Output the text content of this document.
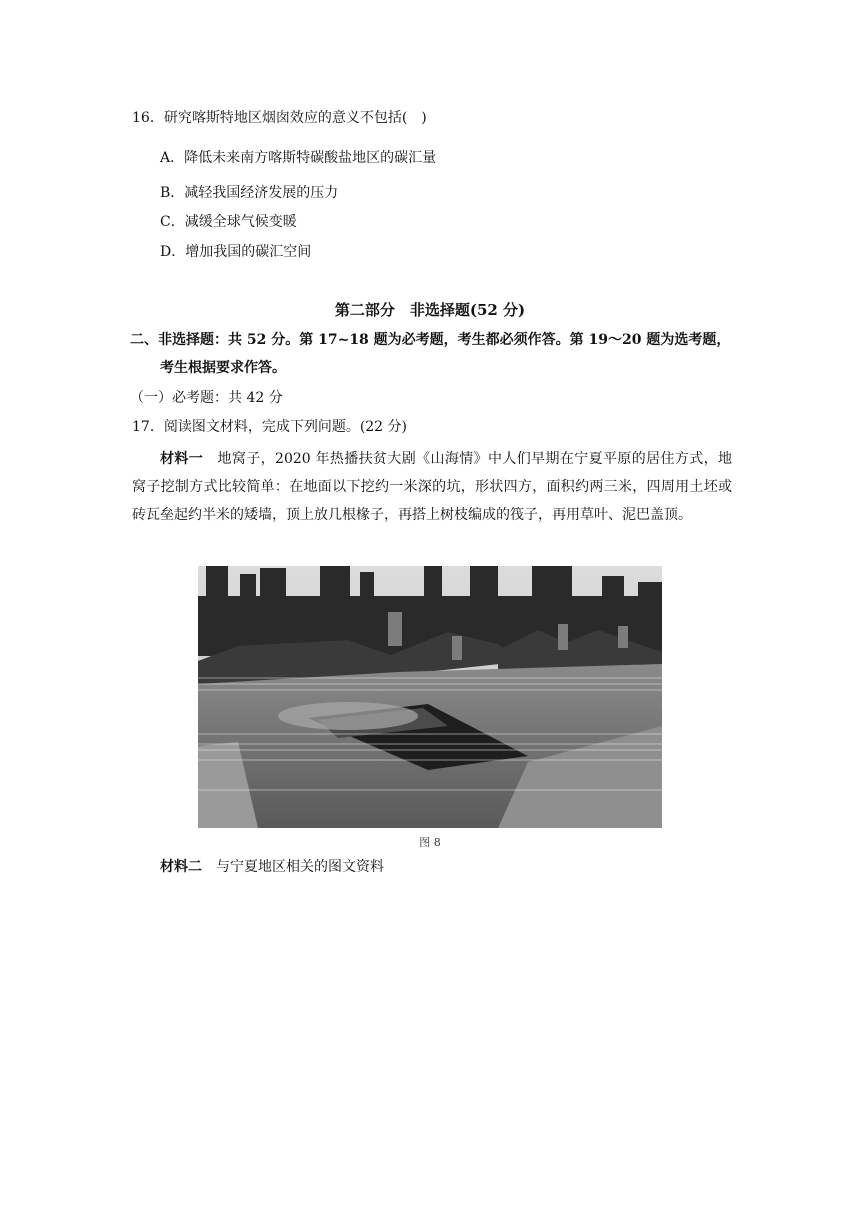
16．研究喀斯特地区烟囱效应的意义不包括(　)
A．降低未来南方喀斯特碳酸盐地区的碳汇量
B．减轻我国经济发展的压力
C．减缓全球气候变暖
D．增加我国的碳汇空间
第二部分　非选择题(52 分)
二、非选择题：共 52 分。第 17~18 题为必考题，考生都必须作答。第 19～20 题为选考题，
考生根据要求作答。
（一）必考题：共 42 分
17．阅读图文材料，完成下列问题。(22 分)
材料一　 地窝子，2020 年热播扶贫大剧《山海情》中人们早期在宁夏平原的居住方式，地窝子挖制方式比较简单：在地面以下挖约一米深的坑，形状四方，面积约两三米，四周用土坯或砖瓦垒起约半米的矮墙，顶上放几根椽子，再搭上树枝编成的筏子，再用草叶、泥巴盖顶。
图 8
材料二　 与宁夏地区相关的图文资料
